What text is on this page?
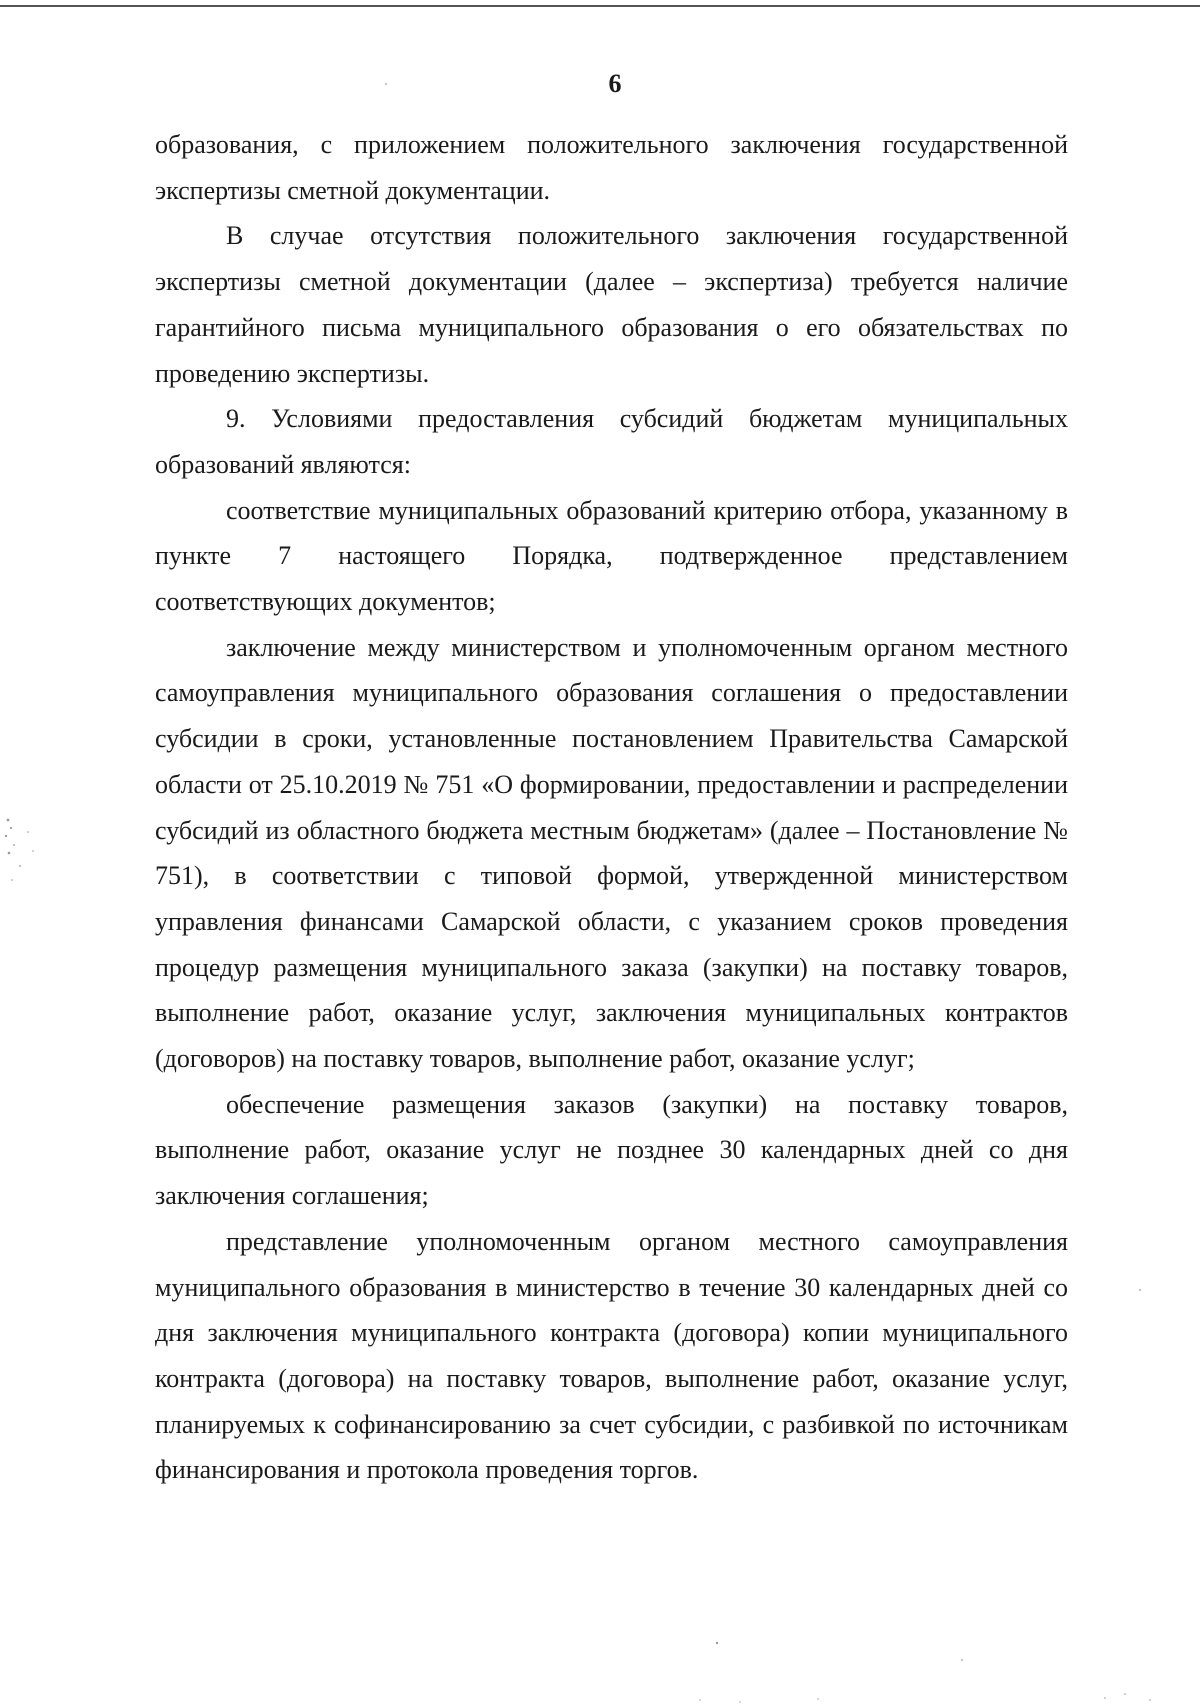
6

образования, с приложением положительного заключения государственной экспертизы сметной документации.

В случае отсутствия положительного заключения государственной экспертизы сметной документации (далее – экспертиза) требуется наличие гарантийного письма муниципального образования о его обязательствах по проведению экспертизы.

9. Условиями предоставления субсидий бюджетам муниципальных образований являются:

соответствие муниципальных образований критерию отбора, указанному в пункте 7 настоящего Порядка, подтвержденное представлением соответствующих документов;

заключение между министерством и уполномоченным органом местного самоуправления муниципального образования соглашения о предоставлении субсидии в сроки, установленные постановлением Правительства Самарской области от 25.10.2019 № 751 «О формировании, предоставлении и распределении субсидий из областного бюджета местным бюджетам» (далее – Постановление № 751), в соответствии с типовой формой, утвержденной министерством управления финансами Самарской области, с указанием сроков проведения процедур размещения муниципального заказа (закупки) на поставку товаров, выполнение работ, оказание услуг, заключения муниципальных контрактов (договоров) на поставку товаров, выполнение работ, оказание услуг;

обеспечение размещения заказов (закупки) на поставку товаров, выполнение работ, оказание услуг не позднее 30 календарных дней со дня заключения соглашения;

представление уполномоченным органом местного самоуправления муниципального образования в министерство в течение 30 календарных дней со дня заключения муниципального контракта (договора) копии муниципального контракта (договора) на поставку товаров, выполнение работ, оказание услуг, планируемых к софинансированию за счет субсидии, с разбивкой по источникам финансирования и протокола проведения торгов.
